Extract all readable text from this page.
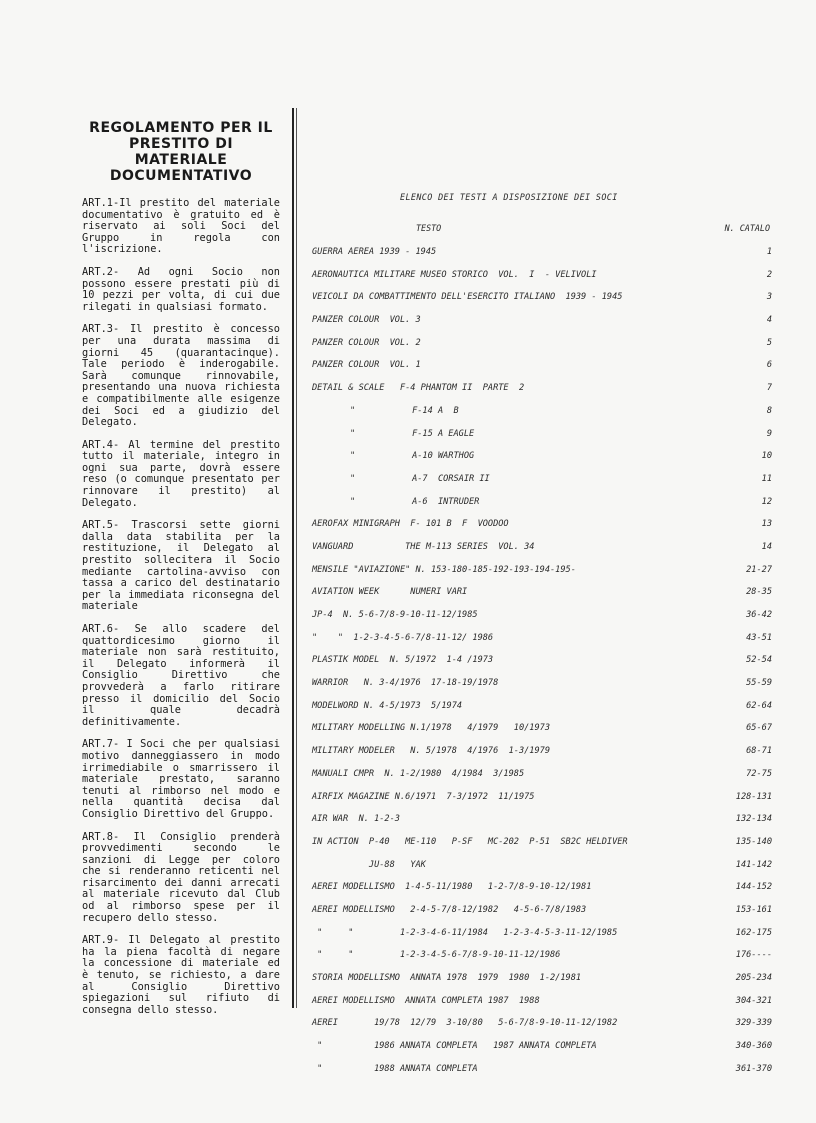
REGOLAMENTO PER IL
PRESTITO DI MATERIALE
DOCUMENTATIVO

ART.1-Il prestito del materiale documentativo è gratuito ed è riservato ai soli Soci del Gruppo in regola con l'iscrizione.

ART.2- Ad ogni Socio non possono essere prestati più di 10 pezzi per volta, di cui due rilegati in qualsiasi formato.

ART.3- Il prestito è concesso per una durata massima di giorni 45 (quarantacinque). Tale periodo è inderogabile. Sarà comunque rinnovabile, presentando una nuova richiesta e compatibilmente alle esigenze dei Soci ed a giudizio del Delegato.

ART.4- Al termine del prestito tutto il materiale, integro in ogni sua parte, dovrà essere reso (o comunque presentato per rinnovare il prestito) al Delegato.

ART.5- Trascorsi sette giorni dalla data stabilita per la restituzione, il Delegato al prestito sollecitera il Socio mediante cartolina-avviso con tassa a carico del destinatario per la immediata riconsegna del materiale

ART.6- Se allo scadere del quattordicesimo giorno il materiale non sarà restituito, il Delegato informerà il Consiglio Direttivo che provvederà a farlo ritirare presso il domicilio del Socio il quale decadrà definitivamente.

ART.7- I Soci che per qualsiasi motivo danneggiassero in modo irrimediabile o smarrissero il materiale prestato, saranno tenuti al rimborso nel modo e nella quantità decisa dal Consiglio Direttivo del Gruppo.

ART.8- Il Consiglio prenderà provvedimenti secondo le sanzioni di Legge per coloro che si renderanno reticenti nel risarcimento dei danni arrecati al materiale ricevuto dal Club od al rimborso spese per il recupero dello stesso.

ART.9- Il Delegato al prestito ha la piena facoltà di negare la concessione di materiale ed è tenuto, se richiesto, a dare al Consiglio Direttivo spiegazioni sul rifiuto di consegna dello stesso.

ELENCO DEI TESTI A DISPOSIZIONE DEI SOCI
TESTO	N. CATALO
GUERRA AEREA 1939 - 1945	1
AERONAUTICA MILITARE MUSEO STORICO  VOL.  I  - VELIVOLI	2
VEICOLI DA COMBATTIMENTO DELL'ESERCITO ITALIANO  1939 - 1945	3
PANZER COLOUR  VOL. 3	4
PANZER COLOUR  VOL. 2	5
PANZER COLOUR  VOL. 1	6
DETAIL & SCALE   F-4 PHANTOM II  PARTE  2	7
"           F-14 A  B	8
"           F-15 A EAGLE	9
"           A-10 WARTHOG	10
"           A-7  CORSAIR II	11
"           A-6  INTRUDER	12
AEROFAX MINIGRAPH  F- 101 B  F  VOODOO	13
VANGUARD          THE M-113 SERIES  VOL. 34	14
MENSILE "AVIAZIONE" N. 153-180-185-192-193-194-195-	21-27
AVIATION WEEK      NUMERI VARI	28-35
JP-4  N. 5-6-7/8-9-10-11-12/1985	36-42
"    "  1-2-3-4-5-6-7/8-11-12/ 1986	43-51
PLASTIK MODEL  N. 5/1972  1-4 /1973	52-54
WARRIOR   N. 3-4/1976  17-18-19/1978	55-59
MODELWORD N. 4-5/1973  5/1974	62-64
MILITARY MODELLING N.1/1978   4/1979   10/1973	65-67
MILITARY MODELER   N. 5/1978  4/1976  1-3/1979	68-71
MANUALI CMPR  N. 1-2/1980  4/1984  3/1985	72-75
AIRFIX MAGAZINE N.6/1971  7-3/1972  11/1975	128-131
AIR WAR  N. 1-2-3	132-134
IN ACTION  P-40   ME-110   P-SF   MC-202  P-51  SB2C HELDIVER	135-140
JU-88   YAK	141-142
AEREI MODELLISMO  1-4-5-11/1980   1-2-7/8-9-10-12/1981	144-152
AEREI MODELLISMO   2-4-5-7/8-12/1982   4-5-6-7/8/1983	153-161
"     "         1-2-3-4-6-11/1984   1-2-3-4-5-3-11-12/1985	162-175
"     "         1-2-3-4-5-6-7/8-9-10-11-12/1986	176----
STORIA MODELLISMO  ANNATA 1978  1979  1980  1-2/1981	205-234
AEREI MODELLISMO  ANNATA COMPLETA 1987  1988	304-321
AEREI       19/78  12/79  3-10/80   5-6-7/8-9-10-11-12/1982	329-339
"          1986 ANNATA COMPLETA   1987 ANNATA COMPLETA	340-360
"          1988 ANNATA COMPLETA	361-370
